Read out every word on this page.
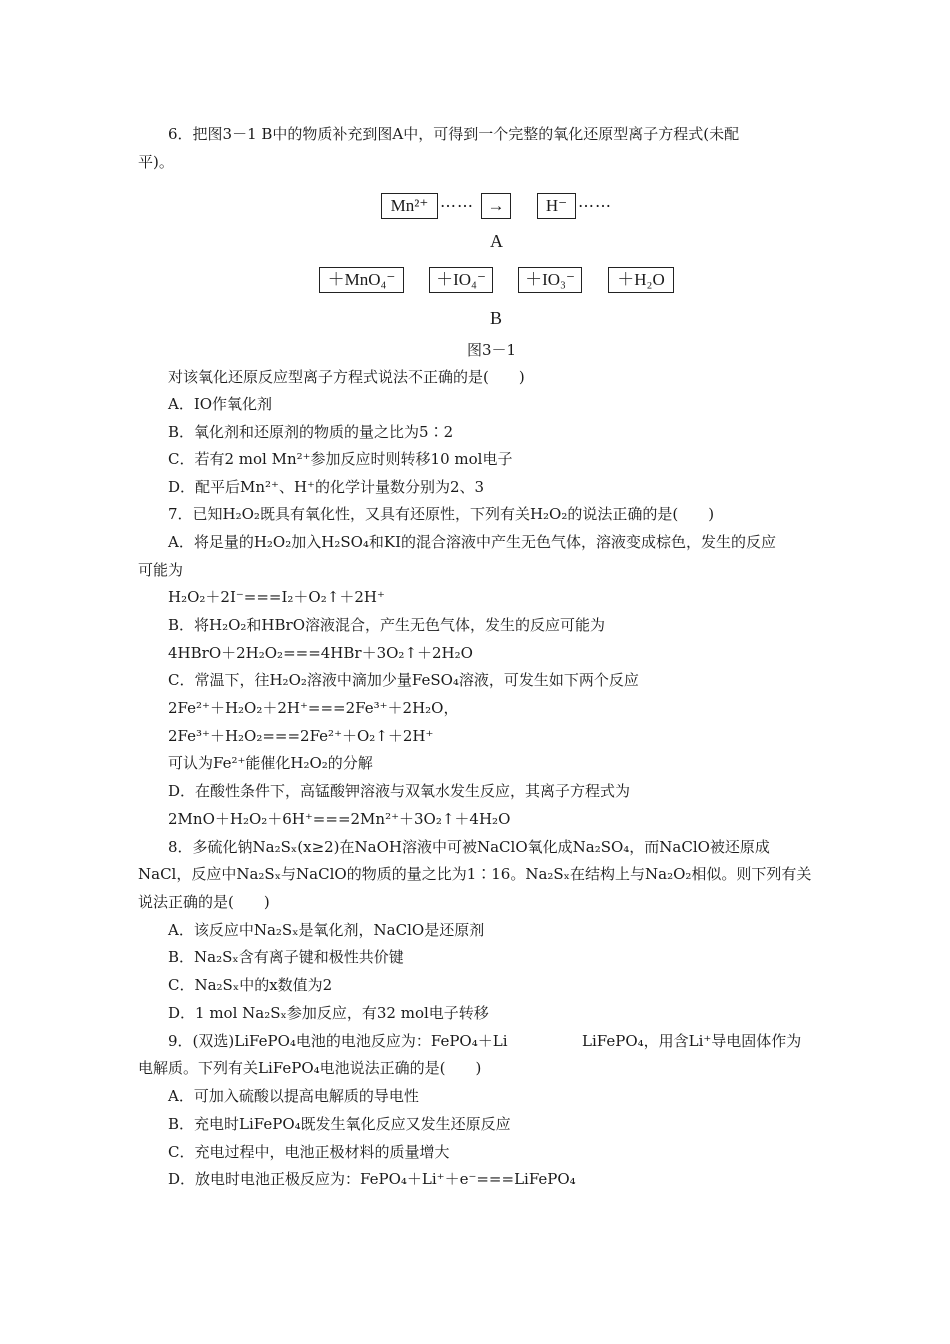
6．把图3－1 B中的物质补充到图A中，可得到一个完整的氧化还原型离子方程式(未配
平)。
Mn²⁺ …… →	H⁻ ……
A
＋MnO₄⁻	＋IO₄⁻	＋IO₃⁻	＋H₂O
B
图3－1
对该氧化还原反应型离子方程式说法不正确的是(　　)
A．IO作氧化剂
B．氧化剂和还原剂的物质的量之比为5∶2
C．若有2 mol Mn²⁺参加反应时则转移10 mol电子
D．配平后Mn²⁺、H⁺的化学计量数分别为2、3
7．已知H₂O₂既具有氧化性，又具有还原性，下列有关H₂O₂的说法正确的是(　　)
A．将足量的H₂O₂加入H₂SO₄和KI的混合溶液中产生无色气体，溶液变成棕色，发生的反应
可能为
H₂O₂＋2I⁻===I₂＋O₂↑＋2H⁺
B．将H₂O₂和HBrO溶液混合，产生无色气体，发生的反应可能为
4HBrO＋2H₂O₂===4HBr＋3O₂↑＋2H₂O
C．常温下，往H₂O₂溶液中滴加少量FeSO₄溶液，可发生如下两个反应
2Fe²⁺＋H₂O₂＋2H⁺===2Fe³⁺＋2H₂O，
2Fe³⁺＋H₂O₂===2Fe²⁺＋O₂↑＋2H⁺
可认为Fe²⁺能催化H₂O₂的分解
D．在酸性条件下，高锰酸钾溶液与双氧水发生反应，其离子方程式为
2MnO＋H₂O₂＋6H⁺===2Mn²⁺＋3O₂↑＋4H₂O
8．多硫化钠Na₂Sₓ(x≥2)在NaOH溶液中可被NaClO氧化成Na₂SO₄，而NaClO被还原成
NaCl，反应中Na₂Sₓ与NaClO的物质的量之比为1∶16。Na₂Sₓ在结构上与Na₂O₂相似。则下列有关
说法正确的是(　　)
A．该反应中Na₂Sₓ是氧化剂，NaClO是还原剂
B．Na₂Sₓ含有离子键和极性共价键
C．Na₂Sₓ中的x数值为2
D．1 mol Na₂Sₓ参加反应，有32 mol电子转移
9．(双选)LiFePO₄电池的电池反应为：FePO₄＋Li	LiFePO₄，用含Li⁺导电固体作为
电解质。下列有关LiFePO₄电池说法正确的是(　　)
A．可加入硫酸以提高电解质的导电性
B．充电时LiFePO₄既发生氧化反应又发生还原反应
C．充电过程中，电池正极材料的质量增大
D．放电时电池正极反应为：FePO₄＋Li⁺＋e⁻===LiFePO₄
